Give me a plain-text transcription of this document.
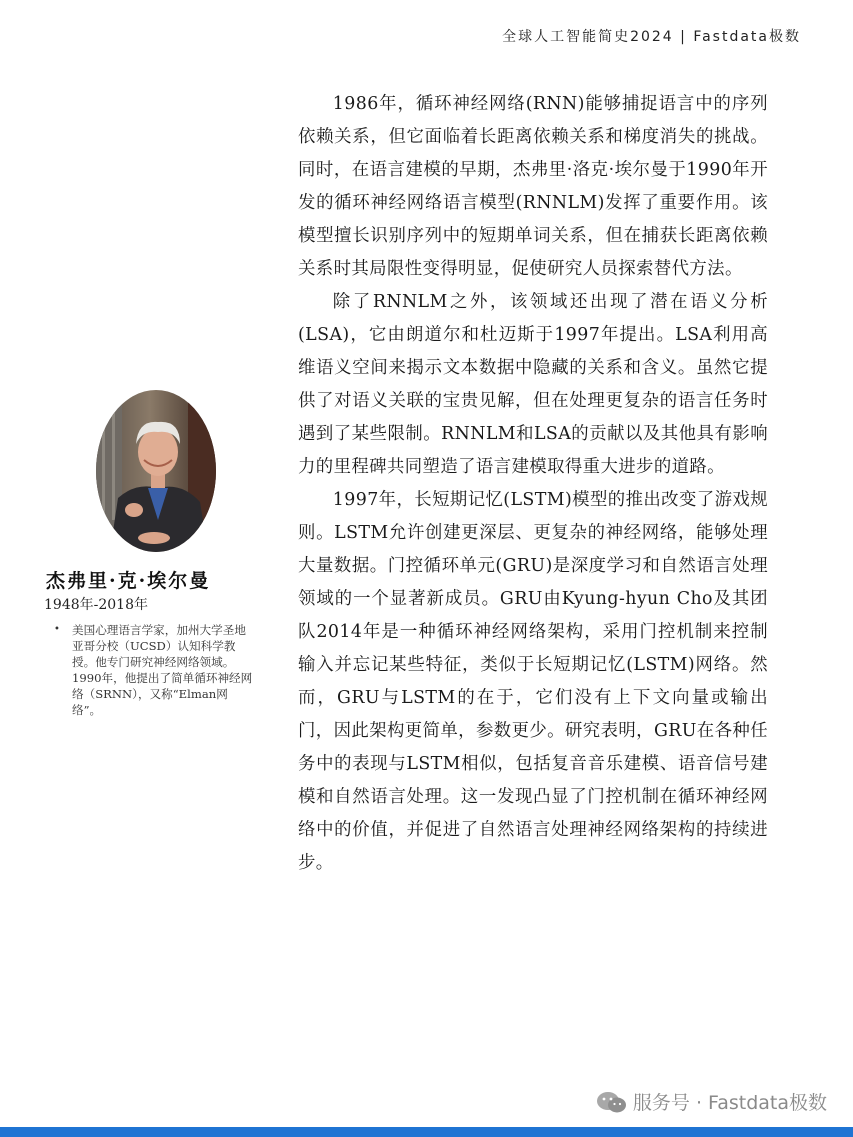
全球人工智能简史2024 | Fastdata极数

1986年，循环神经网络(RNN)能够捕捉语言中的序列依赖关系，但它面临着长距离依赖关系和梯度消失的挑战。同时，在语言建模的早期，杰弗里·洛克·埃尔曼于1990年开发的循环神经网络语言模型(RNNLM)发挥了重要作用。该模型擅长识别序列中的短期单词关系，但在捕获长距离依赖关系时其局限性变得明显，促使研究人员探索替代方法。

除了RNNLM之外，该领域还出现了潜在语义分析(LSA)，它由朗道尔和杜迈斯于1997年提出。LSA利用高维语义空间来揭示文本数据中隐藏的关系和含义。虽然它提供了对语义关联的宝贵见解，但在处理更复杂的语言任务时遇到了某些限制。RNNLM和LSA的贡献以及其他具有影响力的里程碑共同塑造了语言建模取得重大进步的道路。

1997年，长短期记忆(LSTM)模型的推出改变了游戏规则。LSTM允许创建更深层、更复杂的神经网络，能够处理大量数据。门控循环单元(GRU)是深度学习和自然语言处理领域的一个显著新成员。GRU由Kyung-hyun Cho及其团队2014年是一种循环神经网络架构，采用门控机制来控制输入并忘记某些特征，类似于长短期记忆(LSTM)网络。然而，GRU与LSTM的在于，它们没有上下文向量或输出门，因此架构更简单，参数更少。研究表明，GRU在各种任务中的表现与LSTM相似，包括复音音乐建模、语音信号建模和自然语言处理。这一发现凸显了门控机制在循环神经网络中的价值，并促进了自然语言处理神经网络架构的持续进步。

杰弗里·克·埃尔曼
1948年-2018年
•	美国心理语言学家，加州大学圣地亚哥分校（UCSD）认知科学教授。他专门研究神经网络领域。1990年，他提出了简单循环神经网络（SRNN），又称“Elman网络”。
服务号 · Fastdata极数
